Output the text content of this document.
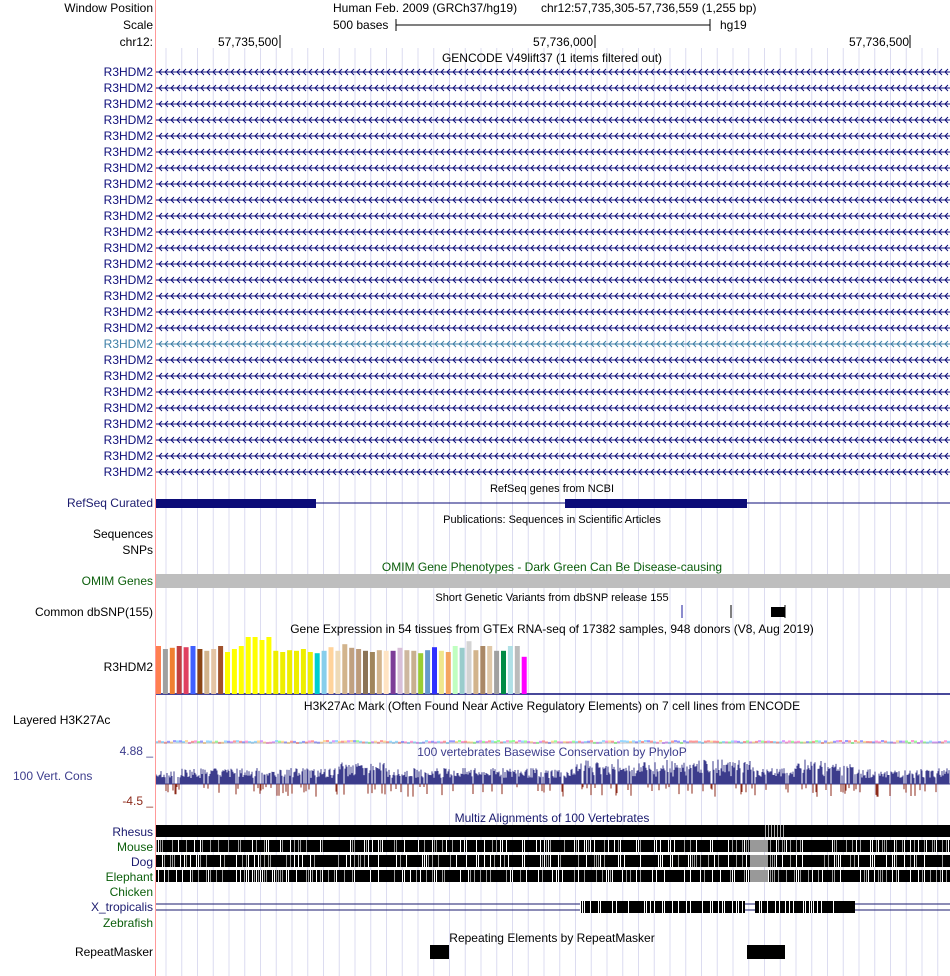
Window Position	Human Feb. 2009 (GRCh37/hg19) chr12:57,735,305-57,736,559 (1,255 bp)
Scale	500 bases	hg19
chr12:	57,735,500	57,736,000	57,736,500
GENCODE V49lift37 (1 items filtered out)
R3HDM2
R3HDM2
R3HDM2
R3HDM2
R3HDM2
R3HDM2
R3HDM2
R3HDM2
R3HDM2
R3HDM2
R3HDM2
R3HDM2
R3HDM2
R3HDM2
R3HDM2
R3HDM2
R3HDM2
R3HDM2
R3HDM2
R3HDM2
R3HDM2
R3HDM2
R3HDM2
R3HDM2
R3HDM2
R3HDM2
RefSeq genes from NCBI
RefSeq Curated
Publications: Sequences in Scientific Articles
Sequences
SNPs
OMIM Gene Phenotypes - Dark Green Can Be Disease-causing
OMIM Genes
Short Genetic Variants from dbSNP release 155
Common dbSNP(155)
Gene Expression in 54 tissues from GTEx RNA-seq of 17382 samples, 948 donors (V8, Aug 2019)
R3HDM2
H3K27Ac Mark (Often Found Near Active Regulatory Elements) on 7 cell lines from ENCODE
Layered H3K27Ac
4.88 _	100 vertebrates Basewise Conservation by PhyloP
100 Vert. Cons
-4.5 _
Multiz Alignments of 100 Vertebrates
Rhesus
Mouse
Dog
Elephant
Chicken
X_tropicalis
Zebrafish
Repeating Elements by RepeatMasker
RepeatMasker
